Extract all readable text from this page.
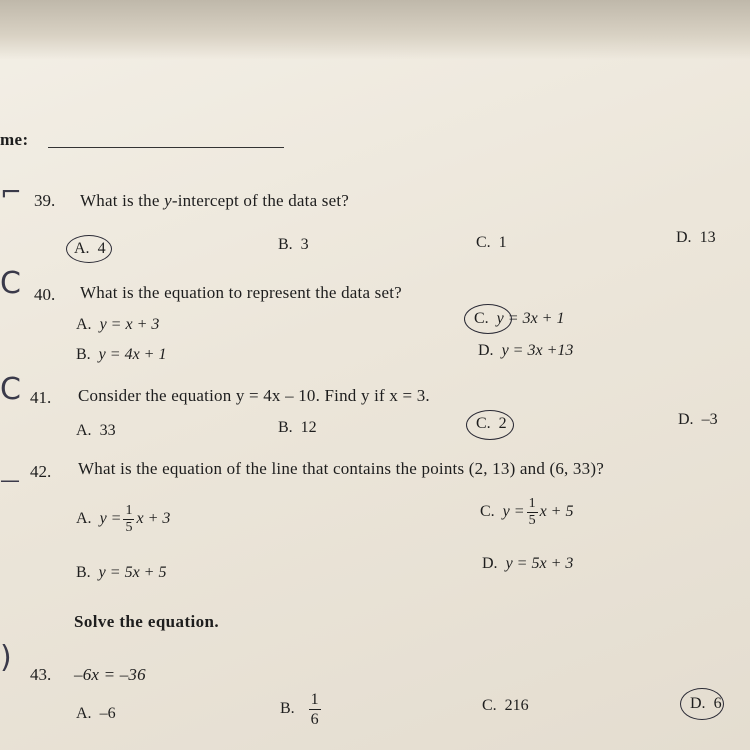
me:
⌐ 39. What is the y-intercept of the data set?
A. 4	B. 3	C. 1	D. 13
C 40. What is the equation to represent the data set?
A. y = x + 3
B. y = 4x + 1
C. y = 3x + 1
D. y = 3x +13
C 41. Consider the equation y = 4x – 10. Find y if x = 3.
A. 33	B. 12	C. 2	D. –3
— 42. What is the equation of the line that contains the points (2, 13) and (6, 33)?
A. $y = \frac{1}{5}$ x + 3
B. y = 5x + 5
C. $y = \frac{1}{5}$ x + 5
D. y = 5x + 3
Solve the equation.
) 43. –6x = –36
A. –6	B. $\frac{1}{6}$	C. 216	D. 6
